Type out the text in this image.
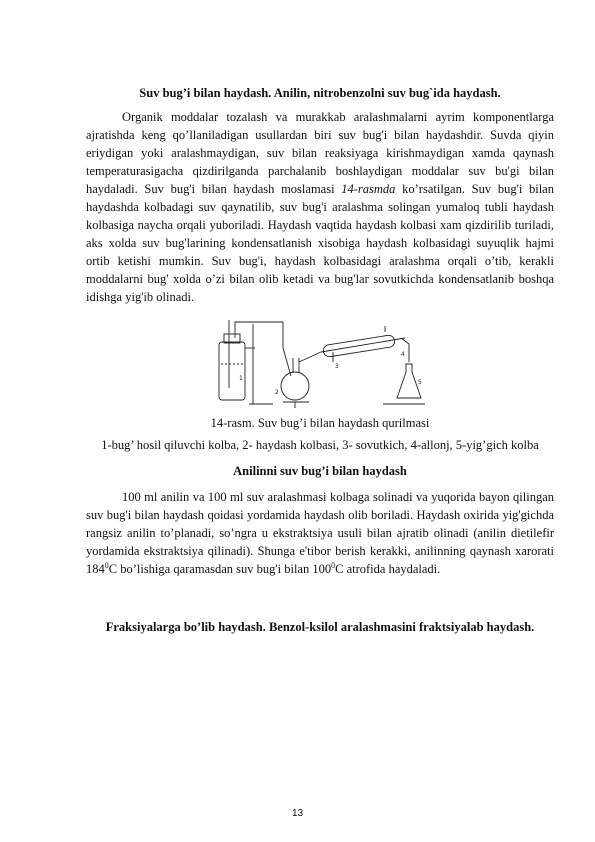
Suv bug’i bilan haydash. Anilin, nitrobenzolni suv bug`ida haydash.

Organik moddalar tozalash va murakkab aralashmalarni ayrim komponentlarga ajratishda keng qo’llaniladigan usullardan biri suv bug'i bilan haydashdir. Suvda qiyin eriydigan yoki aralashmaydigan, suv bilan reaksiyaga kirishmaydigan xamda qaynash temperaturasigacha qizdirilganda parchalanib boshlaydigan moddalar suv bu'gi bilan haydaladi. Suv bug'i bilan haydash moslamasi 14-rasmda ko’rsatilgan. Suv bug'i bilan haydashda kolbadagi suv qaynatilib, suv bug'i aralashma solingan yumaloq tubli haydash kolbasiga naycha orqali yuboriladi. Haydash vaqtida haydash kolbasi xam qizdirilib turiladi, aks xolda suv bug'larining kondensatlanish xisobiga haydash kolbasidagi suyuqlik hajmi ortib ketishi mumkin. Suv bug'i, haydash kolbasidagi aralashma orqali o’tib, kerakli moddalarni bug' xolda o’zi bilan olib ketadi va bug'lar sovutkichda kondensatlanib boshqa idishga yig'ib olinadi.

1
2
3
4
5

14-rasm. Suv bug’i bilan haydash qurilmasi

1-bug’ hosil qiluvchi kolba, 2- haydash kolbasi, 3- sovutkich, 4-allonj, 5-yig’gich kolba

Anilinni suv bug’i bilan haydash

100 ml anilin va 100 ml suv aralashmasi kolbaga solinadi va yuqorida bayon qilingan suv bug'i bilan haydash qoidasi yordamida haydash olib boriladi. Haydash oxirida yig'gichda rangsiz anilin to’planadi, so’ngra u ekstraktsiya usuli bilan ajratib olinadi (anilin dietilefir yordamida ekstraktsiya qilinadi). Shunga e'tibor berish kerakki, anilinning qaynash xarorati $184^0C$ bo’lishiga qaramasdan suv bug'i bilan $100^0C$ atrofida haydaladi.

Fraksiyalarga bo’lib haydash. Benzol-ksilol aralashmasini fraktsiyalab haydash.
13
